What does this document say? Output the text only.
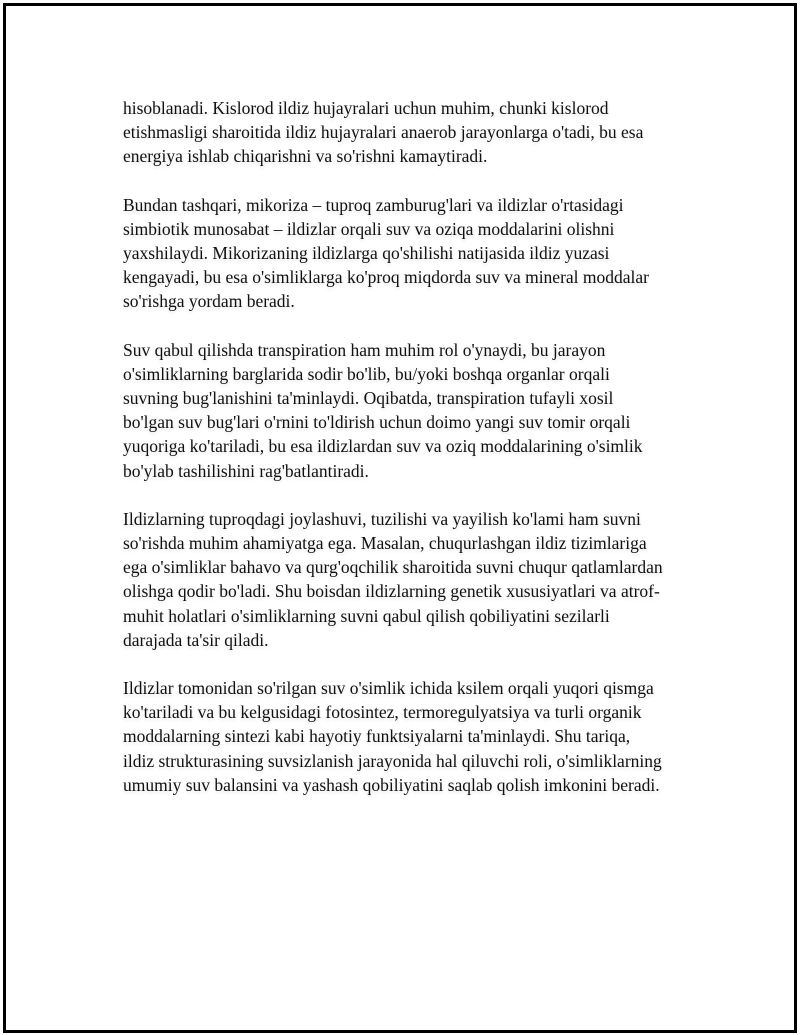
hisoblanadi. Kislorod ildiz hujayralari uchun muhim, chunki kislorod
etishmasligi sharoitida ildiz hujayralari anaerob jarayonlarga o'tadi, bu esa
energiya ishlab chiqarishni va so'rishni kamaytiradi.

Bundan tashqari, mikoriza – tuproq zamburug'lari va ildizlar o'rtasidagi
simbiotik munosabat – ildizlar orqali suv va oziqa moddalarini olishni
yaxshilaydi. Mikorizaning ildizlarga qo'shilishi natijasida ildiz yuzasi
kengayadi, bu esa o'simliklarga ko'proq miqdorda suv va mineral moddalar
so'rishga yordam beradi.

Suv qabul qilishda transpiration ham muhim rol o'ynaydi, bu jarayon
o'simliklarning barglarida sodir bo'lib, bu/yoki boshqa organlar orqali
suvning bug'lanishini ta'minlaydi. Oqibatda, transpiration tufayli xosil
bo'lgan suv bug'lari o'rnini to'ldirish uchun doimo yangi suv tomir orqali
yuqoriga ko'tariladi, bu esa ildizlardan suv va oziq moddalarining o'simlik
bo'ylab tashilishini rag'batlantiradi.

Ildizlarning tuproqdagi joylashuvi, tuzilishi va yayilish ko'lami ham suvni
so'rishda muhim ahamiyatga ega. Masalan, chuqurlashgan ildiz tizimlariga
ega o'simliklar bahavo va qurg'oqchilik sharoitida suvni chuqur qatlamlardan
olishga qodir bo'ladi. Shu boisdan ildizlarning genetik xususiyatlari va atrof-
muhit holatlari o'simliklarning suvni qabul qilish qobiliyatini sezilarli
darajada ta'sir qiladi.

Ildizlar tomonidan so'rilgan suv o'simlik ichida ksilem orqali yuqori qismga
ko'tariladi va bu kelgusidagi fotosintez, termoregulyatsiya va turli organik
moddalarning sintezi kabi hayotiy funktsiyalarni ta'minlaydi. Shu tariqa,
ildiz strukturasining suvsizlanish jarayonida hal qiluvchi roli, o'simliklarning
umumiy suv balansini va yashash qobiliyatini saqlab qolish imkonini beradi.
